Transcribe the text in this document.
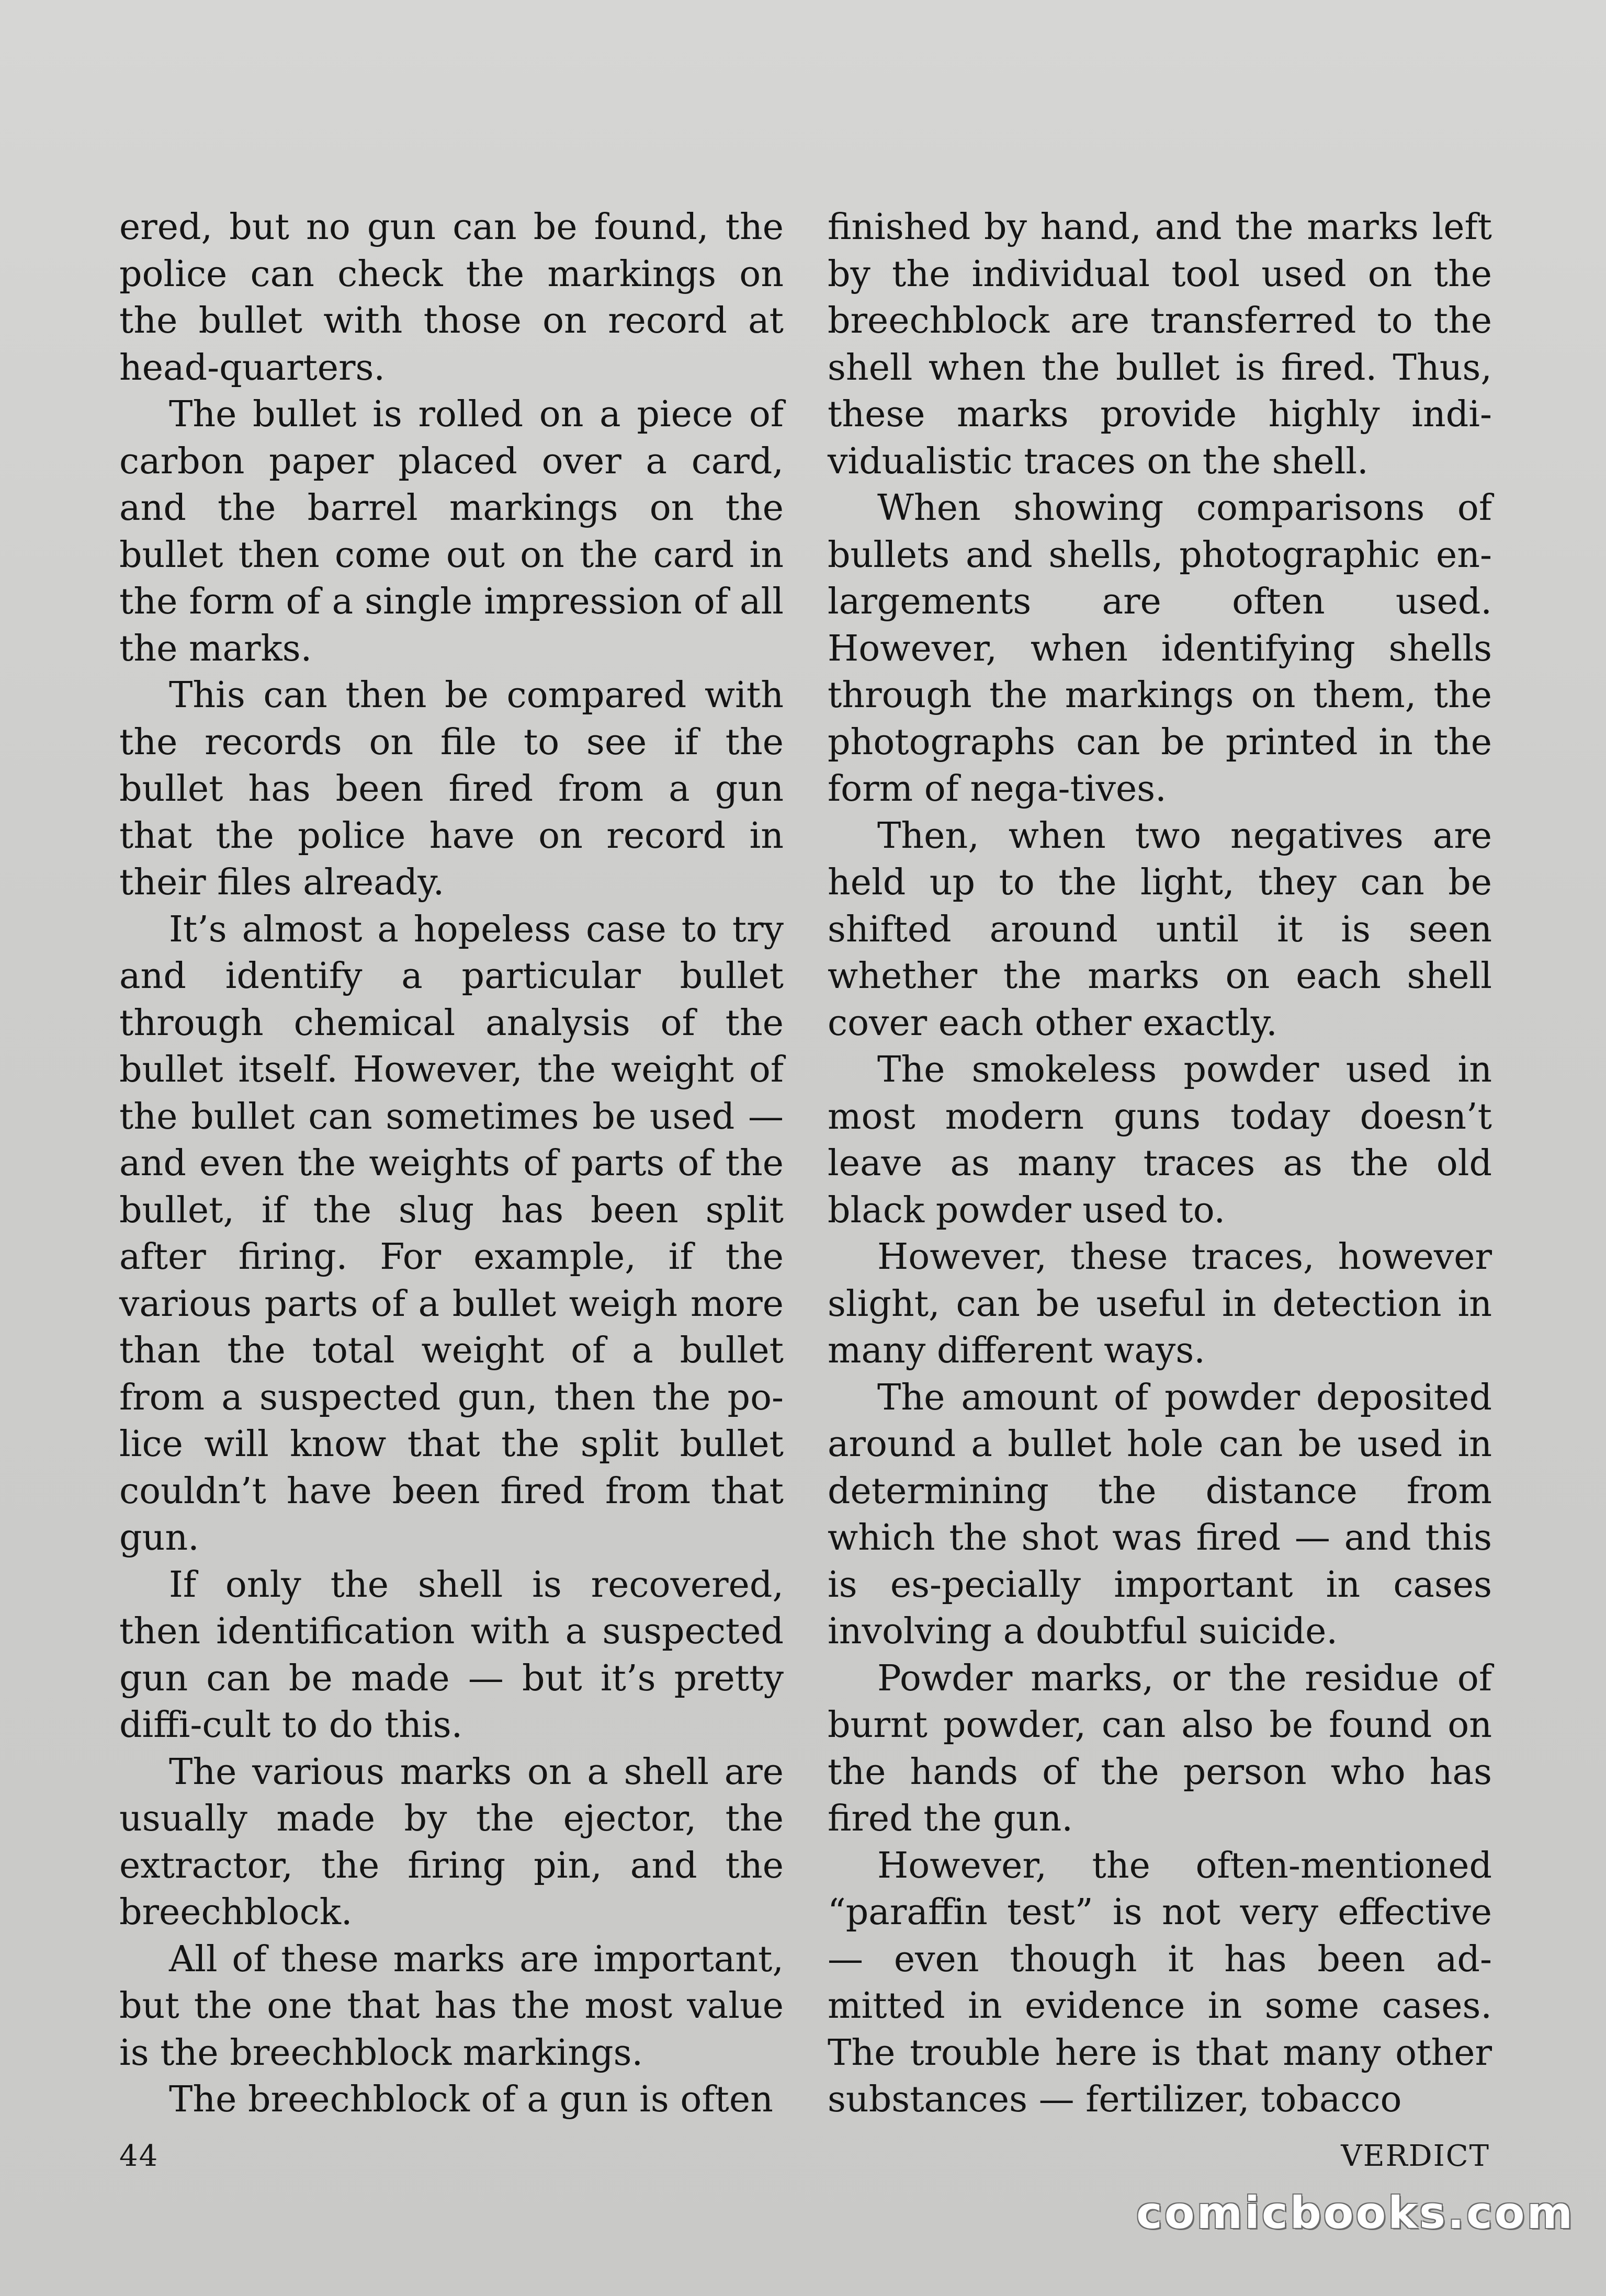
ered, but no gun can be found, the police can check the markings on the bullet with those on record at head-quarters.

The bullet is rolled on a piece of carbon paper placed over a card, and the barrel markings on the bullet then come out on the card in the form of a single impression of all the marks.

This can then be compared with the records on file to see if the bullet has been fired from a gun that the police have on record in their files already.

It’s almost a hopeless case to try and identify a particular bullet through chemical analysis of the bullet itself. However, the weight of the bullet can sometimes be used — and even the weights of parts of the bullet, if the slug has been split after firing. For example, if the various parts of a bullet weigh more than the total weight of a bullet from a suspected gun, then the po-lice will know that the split bullet couldn’t have been fired from that gun.

If only the shell is recovered, then identification with a suspected gun can be made — but it’s pretty diffi-cult to do this.

The various marks on a shell are usually made by the ejector, the extractor, the firing pin, and the breechblock.

All of these marks are important, but the one that has the most value is the breechblock markings.

The breechblock of a gun is often

finished by hand, and the marks left by the individual tool used on the breechblock are transferred to the shell when the bullet is fired. Thus, these marks provide highly indi-vidualistic traces on the shell.

When showing comparisons of bullets and shells, photographic en-largements are often used. However, when identifying shells through the markings on them, the photographs can be printed in the form of nega-tives.

Then, when two negatives are held up to the light, they can be shifted around until it is seen whether the marks on each shell cover each other exactly.

The smokeless powder used in most modern guns today doesn’t leave as many traces as the old black powder used to.

However, these traces, however slight, can be useful in detection in many different ways.

The amount of powder deposited around a bullet hole can be used in determining the distance from which the shot was fired — and this is es-pecially important in cases involving a doubtful suicide.

Powder marks, or the residue of burnt powder, can also be found on the hands of the person who has fired the gun.

However, the often-mentioned “paraffin test” is not very effective — even though it has been ad-mitted in evidence in some cases. The trouble here is that many other substances — fertilizer, tobacco

44	VERDICT
comicbooks.com
